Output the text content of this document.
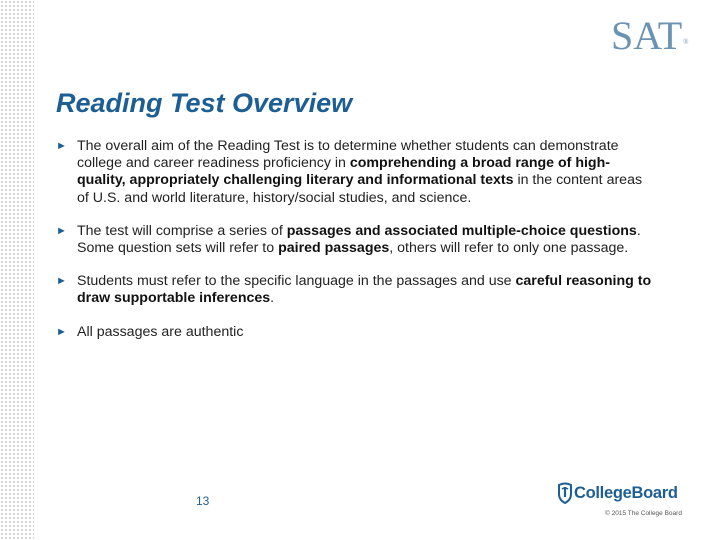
SAT®
Reading Test Overview
► The overall aim of the Reading Test is to determine whether students can demonstrate college and career readiness proficiency in comprehending a broad range of high-quality, appropriately challenging literary and informational texts in the content areas of U.S. and world literature, history/social studies, and science.
► The test will comprise a series of passages and associated multiple-choice questions. Some question sets will refer to paired passages, others will refer to only one passage.
► Students must refer to the specific language in the passages and use careful reasoning to draw supportable inferences.
► All passages are authentic
13	CollegeBoard
© 2015 The College Board
